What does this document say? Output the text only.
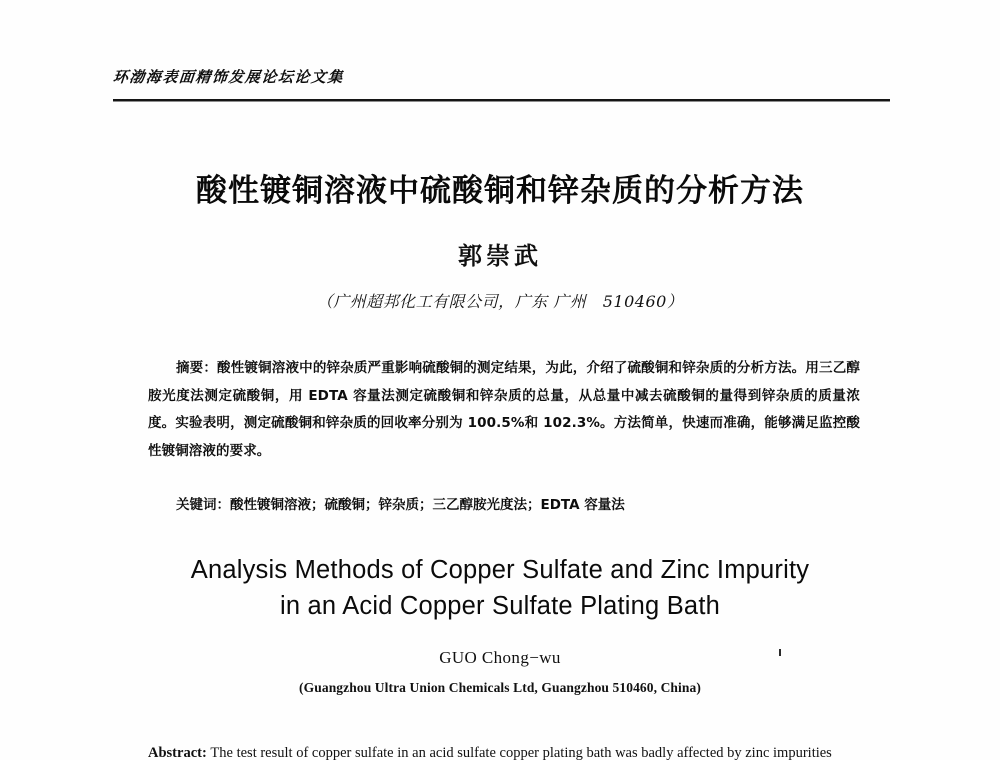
环渤海表面精饰发展论坛论文集
酸性镀铜溶液中硫酸铜和锌杂质的分析方法
郭崇武
（广州超邦化工有限公司，广东 广州　510460）
摘要：酸性镀铜溶液中的锌杂质严重影响硫酸铜的测定结果，为此，介绍了硫酸铜和锌杂质的分析方法。用三乙醇胺光度法测定硫酸铜，用 EDTA 容量法测定硫酸铜和锌杂质的总量，从总量中减去硫酸铜的量得到锌杂质的质量浓度。实验表明，测定硫酸铜和锌杂质的回收率分别为 100.5%和 102.3%。方法简单，快速而准确，能够满足监控酸性镀铜溶液的要求。
关键词：酸性镀铜溶液；硫酸铜；锌杂质；三乙醇胺光度法；EDTA 容量法
Analysis Methods of Copper Sulfate and Zinc Impurity
in an Acid Copper Sulfate Plating Bath
GUO Chong−wu
(Guangzhou Ultra Union Chemicals Ltd, Guangzhou 510460, China)
Abstract: The test result of copper sulfate in an acid sulfate copper plating bath was badly affected by zinc impurities
